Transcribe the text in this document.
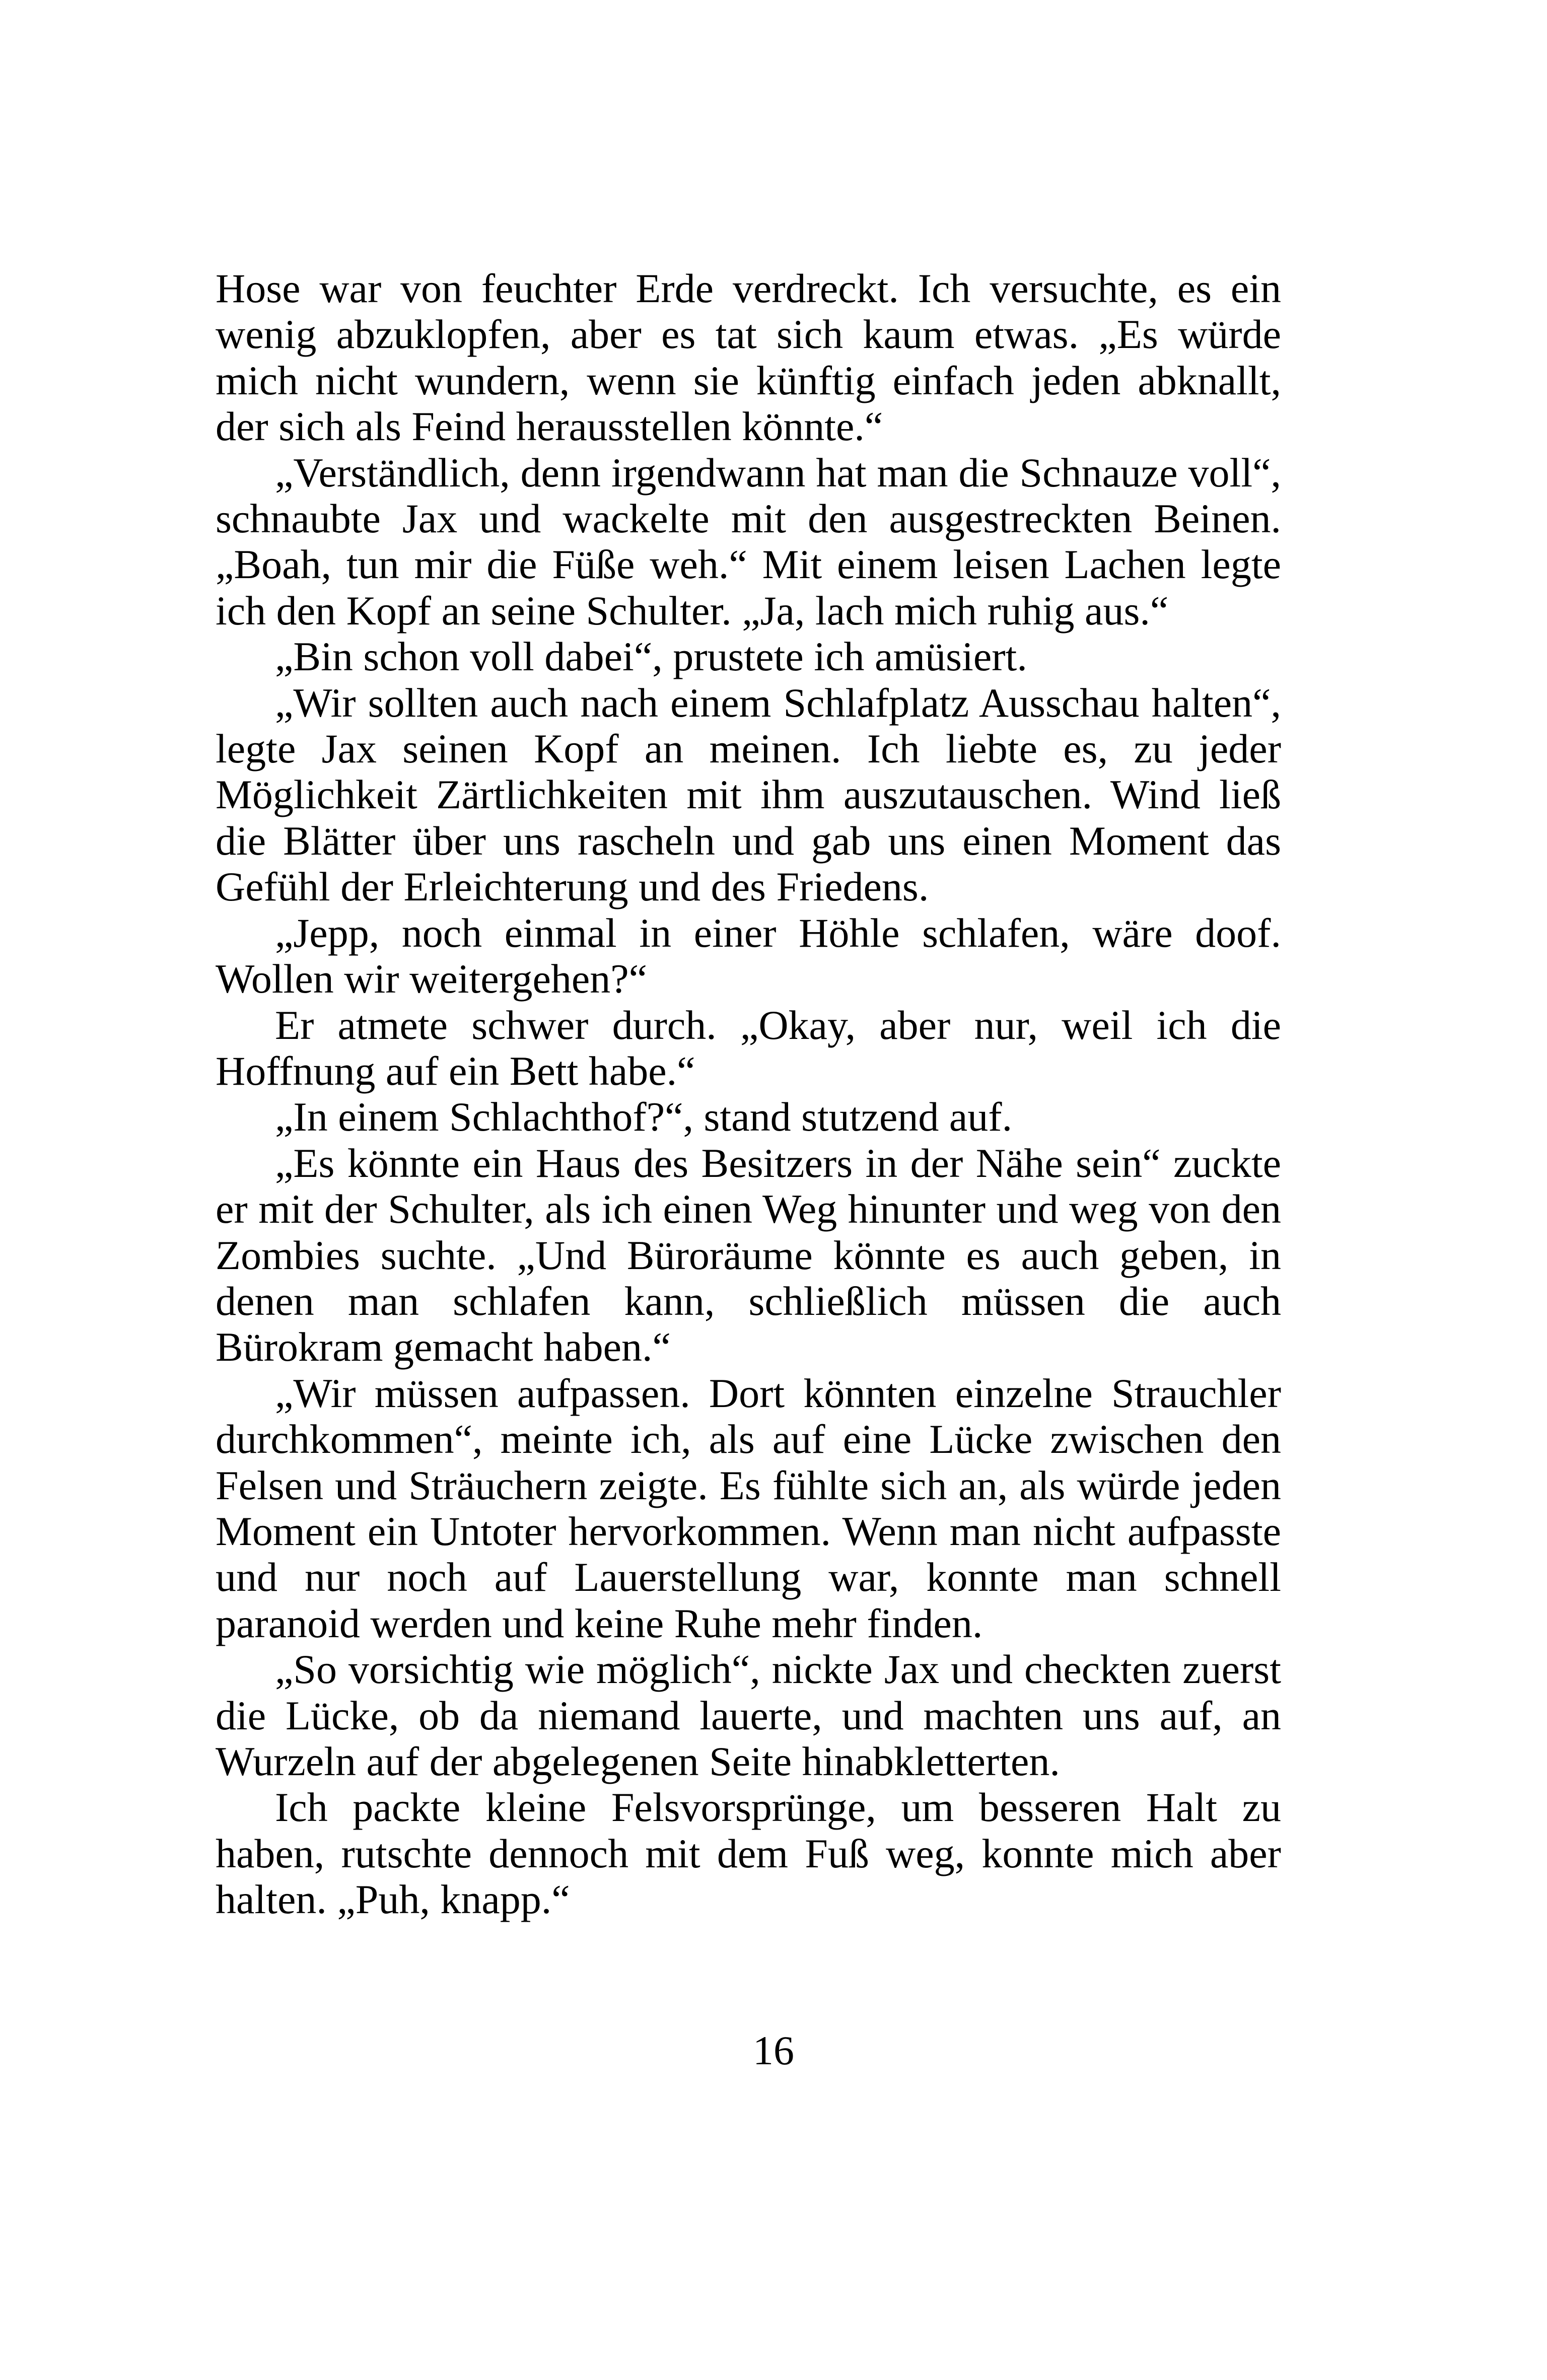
Hose war von feuchter Erde verdreckt. Ich versuchte, es ein wenig abzuklopfen, aber es tat sich kaum etwas. „Es würde mich nicht wundern, wenn sie künftig einfach jeden abknallt, der sich als Feind herausstellen könnte.“

„Verständlich, denn irgendwann hat man die Schnauze voll“, schnaubte Jax und wackelte mit den ausgestreckten Beinen. „Boah, tun mir die Füße weh.“ Mit einem leisen Lachen legte ich den Kopf an seine Schulter. „Ja, lach mich ruhig aus.“

„Bin schon voll dabei“, prustete ich amüsiert.

„Wir sollten auch nach einem Schlafplatz Ausschau halten“, legte Jax seinen Kopf an meinen. Ich liebte es, zu jeder Möglichkeit Zärtlichkeiten mit ihm auszutauschen. Wind ließ die Blätter über uns rascheln und gab uns einen Moment das Gefühl der Erleichterung und des Friedens.

„Jepp, noch einmal in einer Höhle schlafen, wäre doof. Wollen wir weitergehen?“

Er atmete schwer durch. „Okay, aber nur, weil ich die Hoffnung auf ein Bett habe.“

„In einem Schlachthof?“, stand stutzend auf.

„Es könnte ein Haus des Besitzers in der Nähe sein“ zuckte er mit der Schulter, als ich einen Weg hinunter und weg von den Zombies suchte. „Und Büroräume könnte es auch geben, in denen man schlafen kann, schließlich müssen die auch Bürokram gemacht haben.“

„Wir müssen aufpassen. Dort könnten einzelne Strauchler durchkommen“, meinte ich, als auf eine Lücke zwischen den Felsen und Sträuchern zeigte. Es fühlte sich an, als würde jeden Moment ein Untoter hervorkommen. Wenn man nicht aufpasste und nur noch auf Lauerstellung war, konnte man schnell paranoid werden und keine Ruhe mehr finden.

„So vorsichtig wie möglich“, nickte Jax und checkten zuerst die Lücke, ob da niemand lauerte, und machten uns auf, an Wurzeln auf der abgelegenen Seite hinabkletterten.

Ich packte kleine Felsvorsprünge, um besseren Halt zu haben, rutschte dennoch mit dem Fuß weg, konnte mich aber halten. „Puh, knapp.“

16
